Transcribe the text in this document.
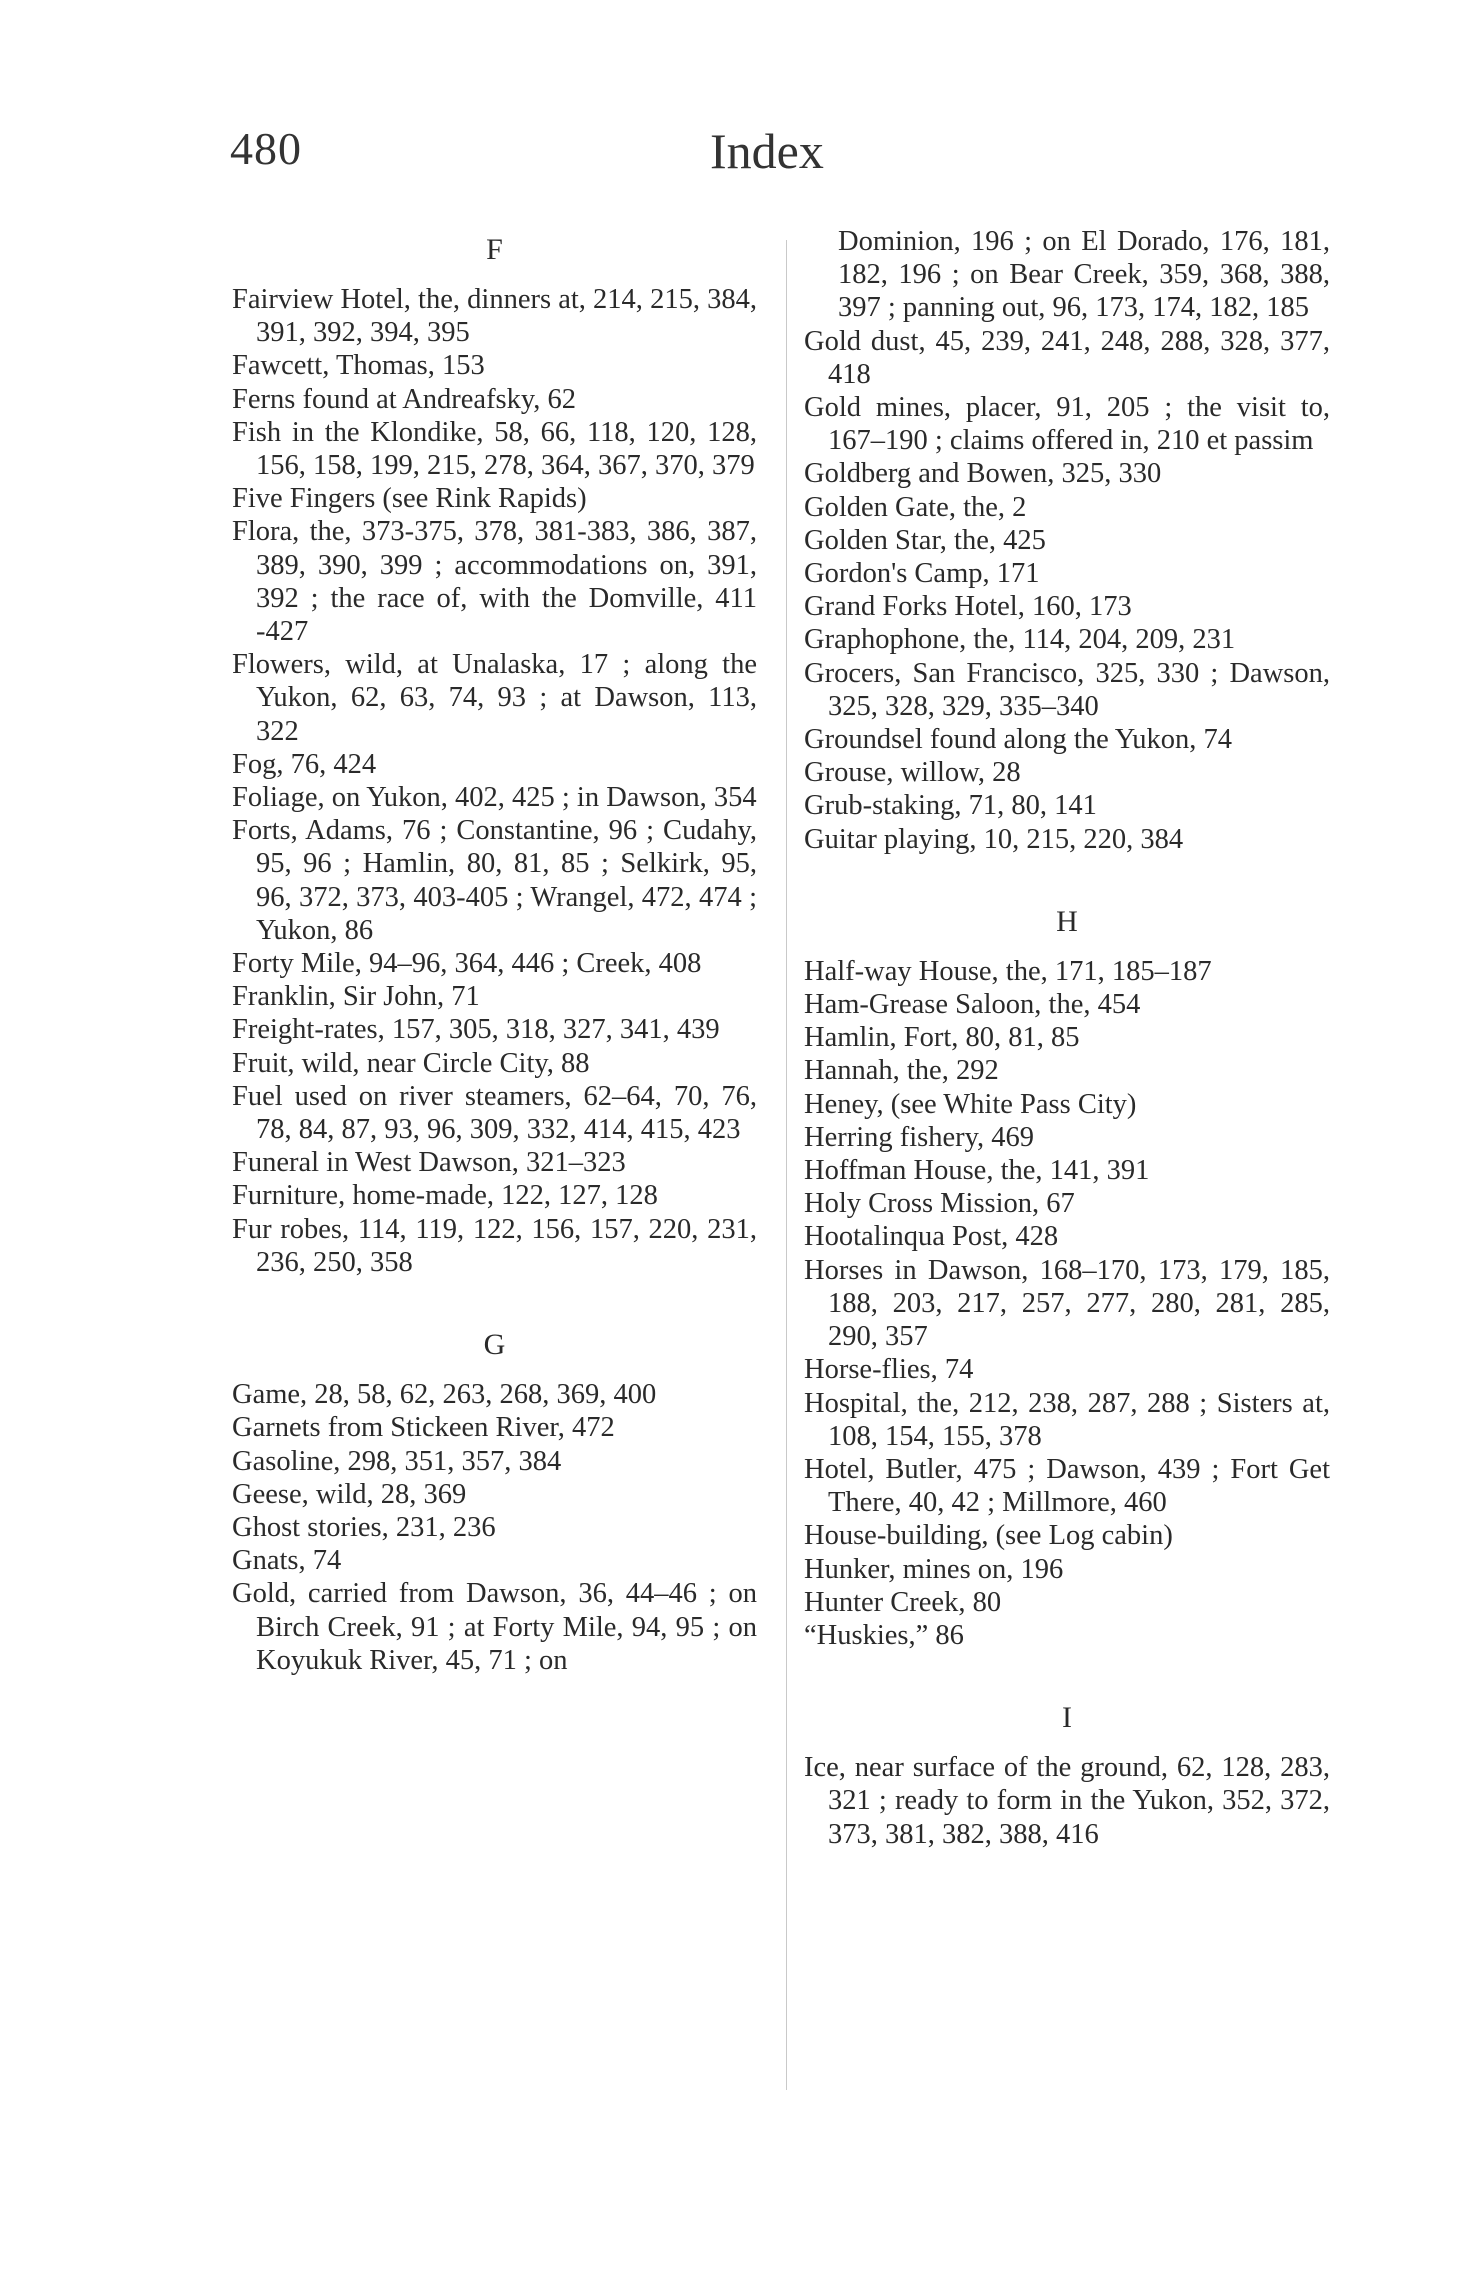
480	Index
F
Fairview Hotel, the, dinners at, 214, 215, 384, 391, 392, 394, 395
Fawcett, Thomas, 153
Ferns found at Andreafsky, 62
Fish in the Klondike, 58, 66, 118, 120, 128, 156, 158, 199, 215, 278, 364, 367, 370, 379
Five Fingers (see Rink Rapids)
Flora, the, 373-375, 378, 381-383, 386, 387, 389, 390, 399 ; accommodations on, 391, 392 ; the race of, with the Domville, 411 -427
Flowers, wild, at Unalaska, 17 ; along the Yukon, 62, 63, 74, 93 ; at Dawson, 113, 322
Fog, 76, 424
Foliage, on Yukon, 402, 425 ; in Dawson, 354
Forts, Adams, 76 ; Constantine, 96 ; Cudahy, 95, 96 ; Hamlin, 80, 81, 85 ; Selkirk, 95, 96, 372, 373, 403-405 ; Wrangel, 472, 474 ; Yukon, 86
Forty Mile, 94–96, 364, 446 ; Creek, 408
Franklin, Sir John, 71
Freight-rates, 157, 305, 318, 327, 341, 439
Fruit, wild, near Circle City, 88
Fuel used on river steamers, 62–64, 70, 76, 78, 84, 87, 93, 96, 309, 332, 414, 415, 423
Funeral in West Dawson, 321–323
Furniture, home-made, 122, 127, 128
Fur robes, 114, 119, 122, 156, 157, 220, 231, 236, 250, 358
G
Game, 28, 58, 62, 263, 268, 369, 400
Garnets from Stickeen River, 472
Gasoline, 298, 351, 357, 384
Geese, wild, 28, 369
Ghost stories, 231, 236
Gnats, 74
Gold, carried from Dawson, 36, 44–46 ; on Birch Creek, 91 ; at Forty Mile, 94, 95 ; on Koyukuk River, 45, 71 ; on
Dominion, 196 ; on El Dorado, 176, 181, 182, 196 ; on Bear Creek, 359, 368, 388, 397 ; panning out, 96, 173, 174, 182, 185
Gold dust, 45, 239, 241, 248, 288, 328, 377, 418
Gold mines, placer, 91, 205 ; the visit to, 167–190 ; claims offered in, 210 et passim
Goldberg and Bowen, 325, 330
Golden Gate, the, 2
Golden Star, the, 425
Gordon's Camp, 171
Grand Forks Hotel, 160, 173
Graphophone, the, 114, 204, 209, 231
Grocers, San Francisco, 325, 330 ; Dawson, 325, 328, 329, 335–340
Groundsel found along the Yukon, 74
Grouse, willow, 28
Grub-staking, 71, 80, 141
Guitar playing, 10, 215, 220, 384
H
Half-way House, the, 171, 185–187
Ham-Grease Saloon, the, 454
Hamlin, Fort, 80, 81, 85
Hannah, the, 292
Heney, (see White Pass City)
Herring fishery, 469
Hoffman House, the, 141, 391
Holy Cross Mission, 67
Hootalinqua Post, 428
Horses in Dawson, 168–170, 173, 179, 185, 188, 203, 217, 257, 277, 280, 281, 285, 290, 357
Horse-flies, 74
Hospital, the, 212, 238, 287, 288 ; Sisters at, 108, 154, 155, 378
Hotel, Butler, 475 ; Dawson, 439 ; Fort Get There, 40, 42 ; Millmore, 460
House-building, (see Log cabin)
Hunker, mines on, 196
Hunter Creek, 80
“Huskies,” 86
I
Ice, near surface of the ground, 62, 128, 283, 321 ; ready to form in the Yukon, 352, 372, 373, 381, 382, 388, 416
